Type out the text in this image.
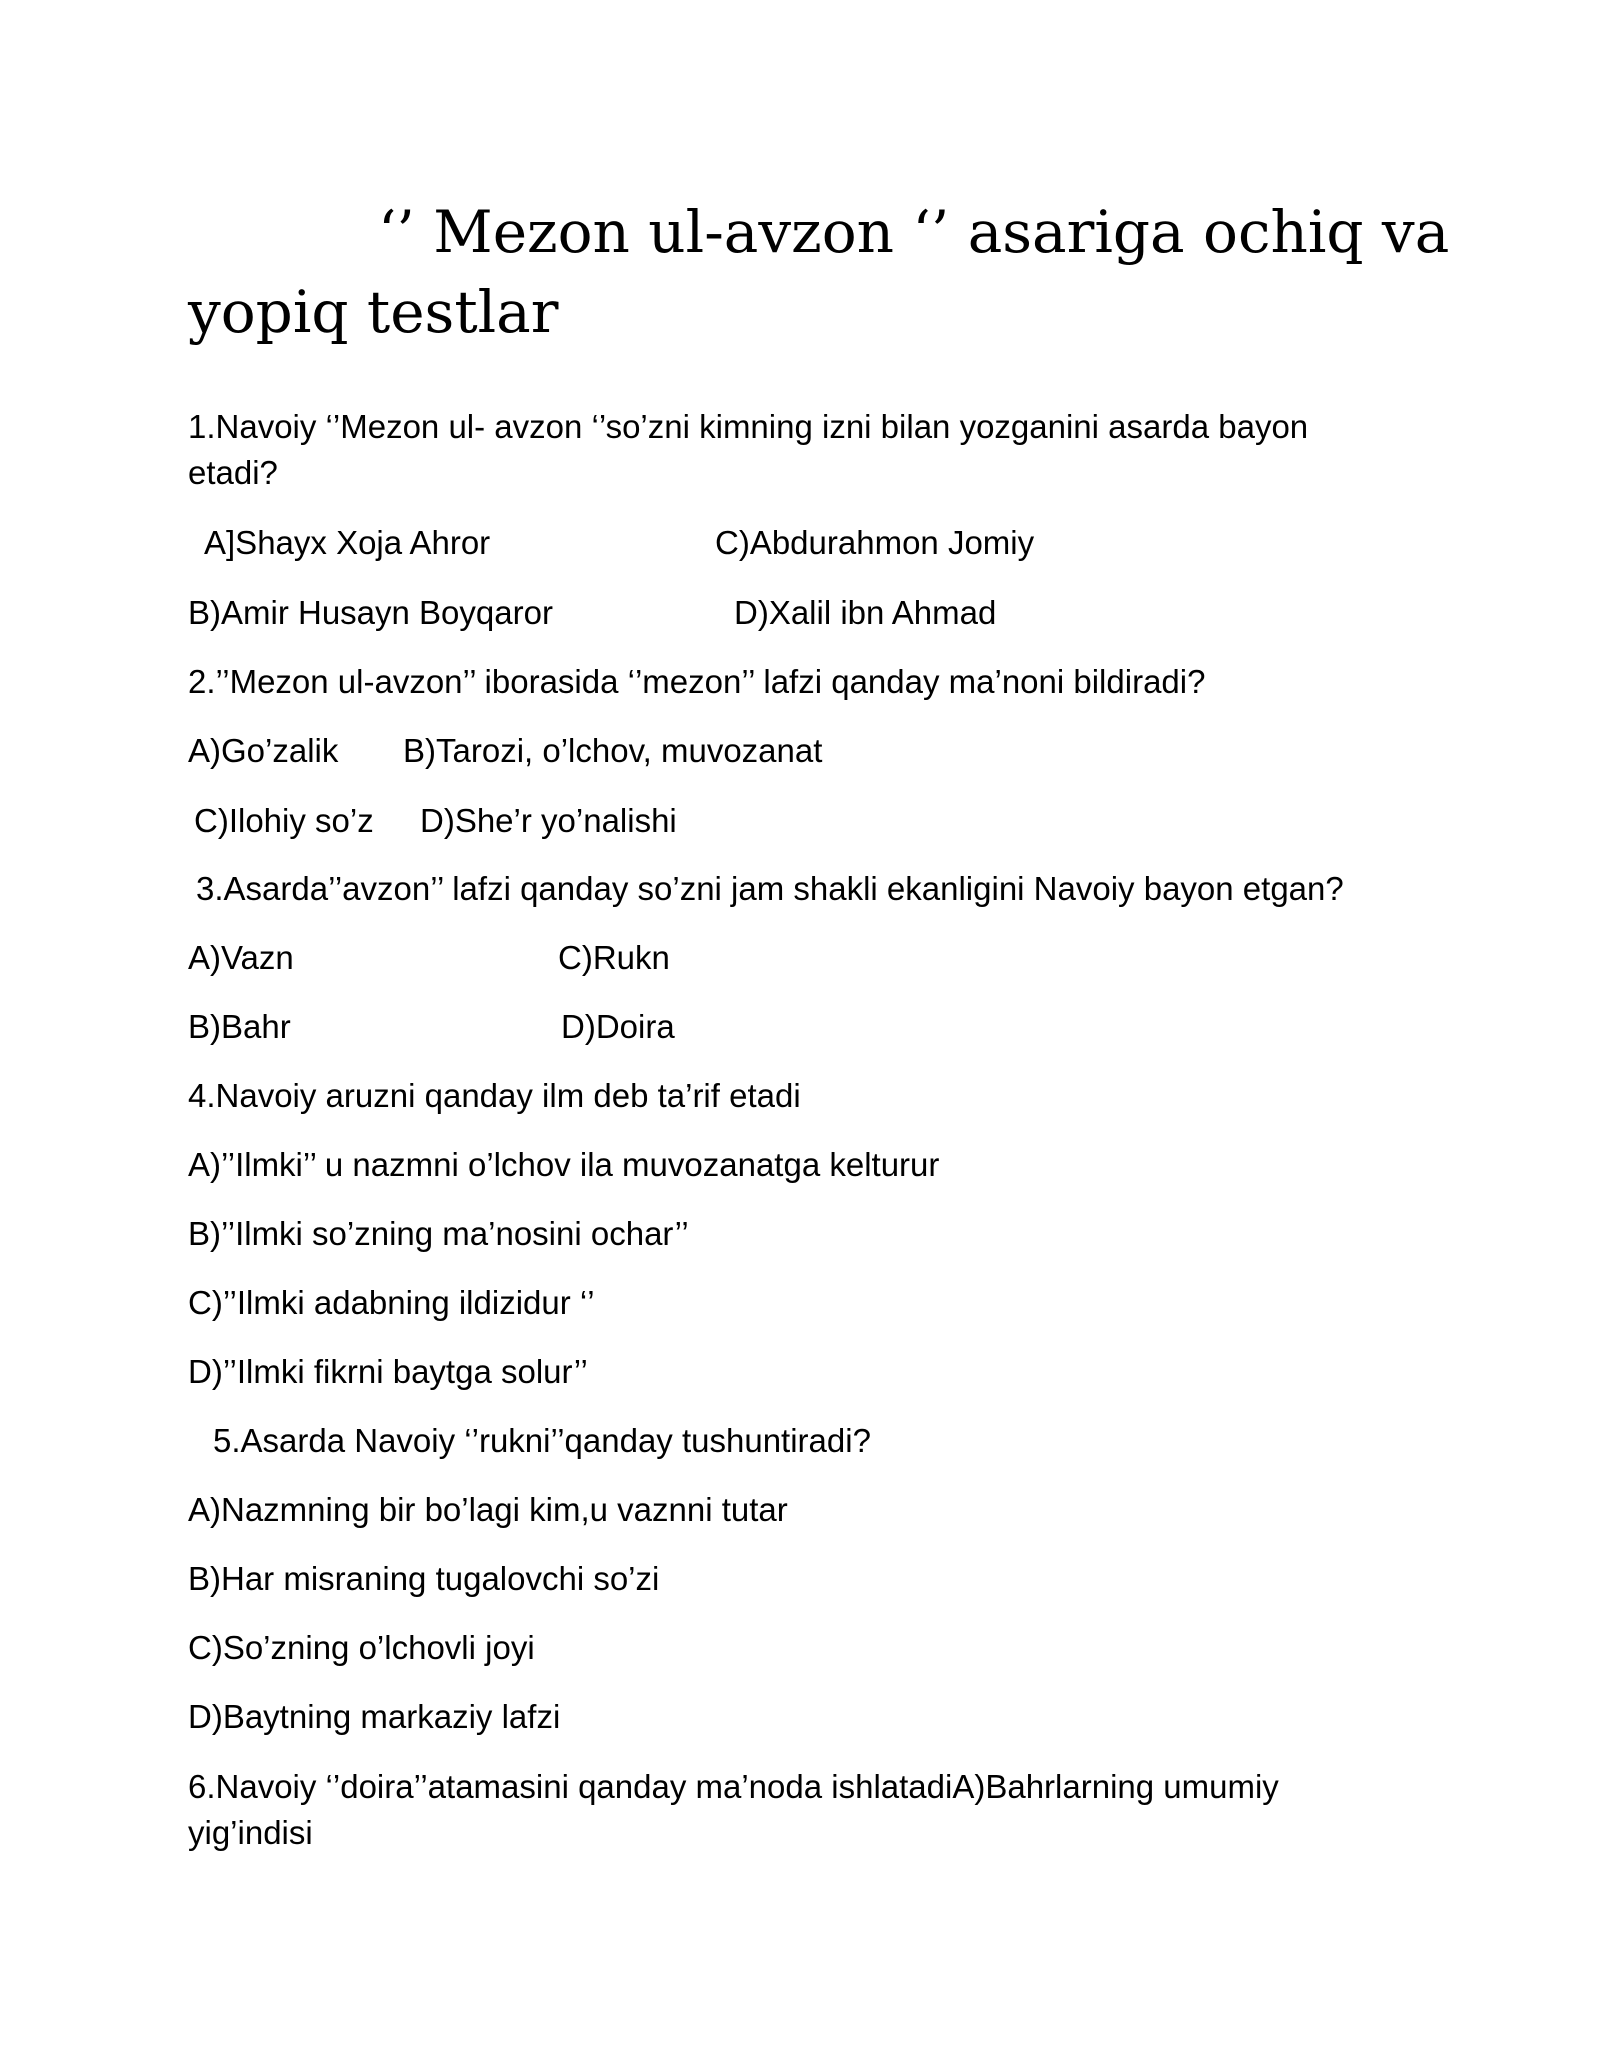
‘’ Mezon ul-avzon ‘’ asariga ochiq va
yopiq testlar
1.Navoiy ‘’Mezon ul- avzon ‘’so’zni kimning izni bilan yozganini asarda bayon
etadi?
A]Shayx Xoja Ahror	C)Abdurahmon Jomiy
B)Amir Husayn Boyqaror	D)Xalil ibn Ahmad
2.’’Mezon ul-avzon’’ iborasida ‘’mezon’’ lafzi qanday ma’noni bildiradi?
A)Go’zalik B)Tarozi, o’lchov, muvozanat
C)Ilohiy so’z D)She’r yo’nalishi
3.Asarda’’avzon’’ lafzi qanday so’zni jam shakli ekanligini Navoiy bayon etgan?
A)Vazn	C)Rukn
B)Bahr	D)Doira
4.Navoiy aruzni qanday ilm deb ta’rif etadi
A)’’Ilmki’’ u nazmni o’lchov ila muvozanatga kelturur
B)’’Ilmki so’zning ma’nosini ochar’’
C)’’Ilmki adabning ildizidur ‘’
D)’’Ilmki fikrni baytga solur’’
5.Asarda Navoiy ‘’rukni’’qanday tushuntiradi?
A)Nazmning bir bo’lagi kim,u vaznni tutar
B)Har misraning tugalovchi so’zi
C)So’zning o’lchovli joyi
D)Baytning markaziy lafzi
6.Navoiy ‘’doira’’atamasini qanday ma’noda ishlatadiA)Bahrlarning umumiy
yig’indisi
